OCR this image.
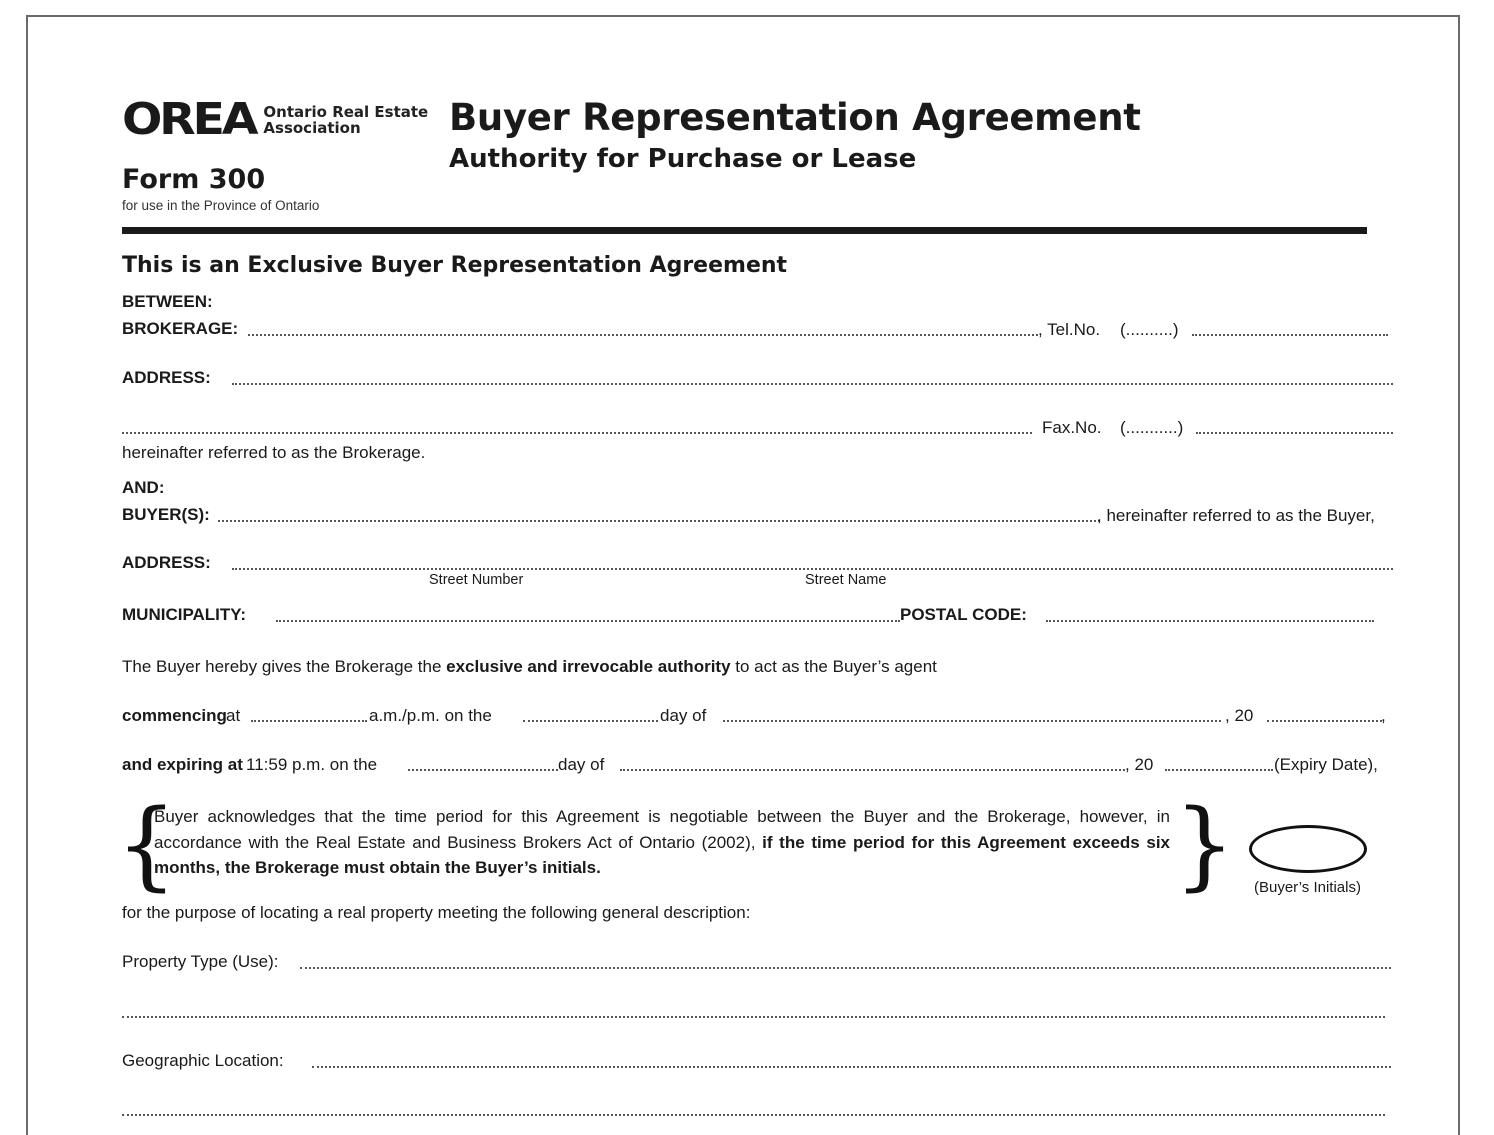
OREA Ontario Real Estate
Association
Form 300
for use in the Province of Ontario
Buyer Representation Agreement
Authority for Purchase or Lease
This is an Exclusive Buyer Representation Agreement
BETWEEN:
BROKERAGE:	, Tel.No. (..........)
ADDRESS:
Fax.No. (...........)
hereinafter referred to as the Brokerage.
AND:
BUYER(S):	, hereinafter referred to as the Buyer,
ADDRESS:
Street Number	Street Name
MUNICIPALITY:	POSTAL CODE:
The Buyer hereby gives the Brokerage the exclusive and irrevocable authority to act as the Buyer’s agent
commencing at	a.m./p.m. on the	day of	, 20	,
and expiring at 11:59 p.m. on the	day of	, 20	(Expiry Date),
{
Buyer acknowledges that the time period for this Agreement is negotiable between the Buyer and the Brokerage, however, in accordance with the Real Estate and Business Brokers Act of Ontario (2002), if the time period for this Agreement exceeds six months, the Brokerage must obtain the Buyer’s initials.	} (Buyer’s Initials)
for the purpose of locating a real property meeting the following general description:
Property Type (Use):
Geographic Location:
